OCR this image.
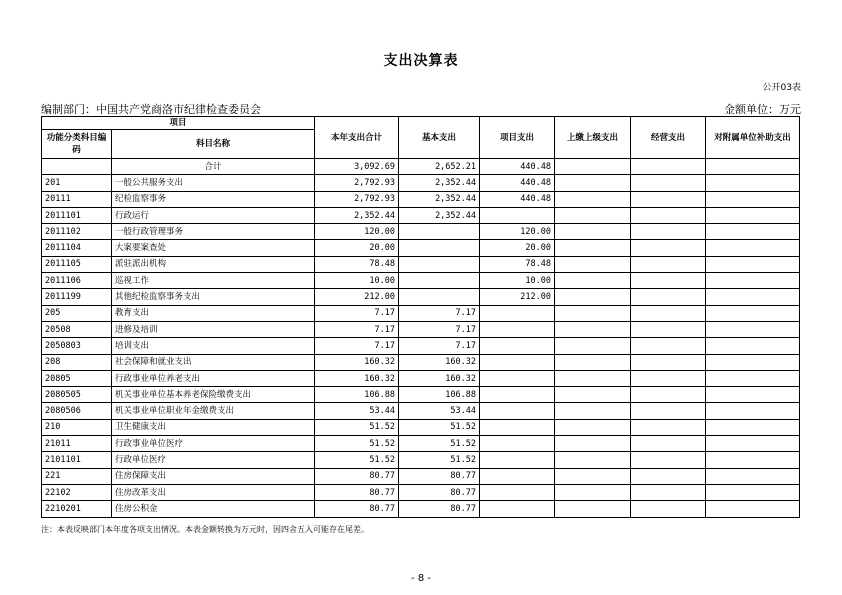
支出决算表
公开03表
编制部门：中国共产党商洛市纪律检查委员会	金额单位：万元
项目		本年支出合计	基本支出	项目支出	上缴上级支出	经营支出	对附属单位补助支出
功能分类科目编码	科目名称						

	合计	3,092.69	2,652.21	440.48			
201	一般公共服务支出	2,792.93	2,352.44	440.48			
20111	纪检监察事务	2,792.93	2,352.44	440.48			
2011101	行政运行	2,352.44	2,352.44				
2011102	一般行政管理事务	120.00		120.00			
2011104	大案要案查处	20.00		20.00			
2011105	派驻派出机构	78.48		78.48			
2011106	巡视工作	10.00		10.00			
2011199	其他纪检监察事务支出	212.00		212.00			
205	教育支出	7.17	7.17				
20508	进修及培训	7.17	7.17				
2050803	培训支出	7.17	7.17				
208	社会保障和就业支出	160.32	160.32				
20805	行政事业单位养老支出	160.32	160.32				
2080505	机关事业单位基本养老保险缴费支出	106.88	106.88				
2080506	机关事业单位职业年金缴费支出	53.44	53.44				
210	卫生健康支出	51.52	51.52				
21011	行政事业单位医疗	51.52	51.52				
2101101	行政单位医疗	51.52	51.52				
221	住房保障支出	80.77	80.77				
22102	住房改革支出	80.77	80.77				
2210201	住房公积金	80.77	80.77				
注：本表反映部门本年度各项支出情况。本表金额转换为万元时，因四舍五入可能存在尾差。
- 8 -
